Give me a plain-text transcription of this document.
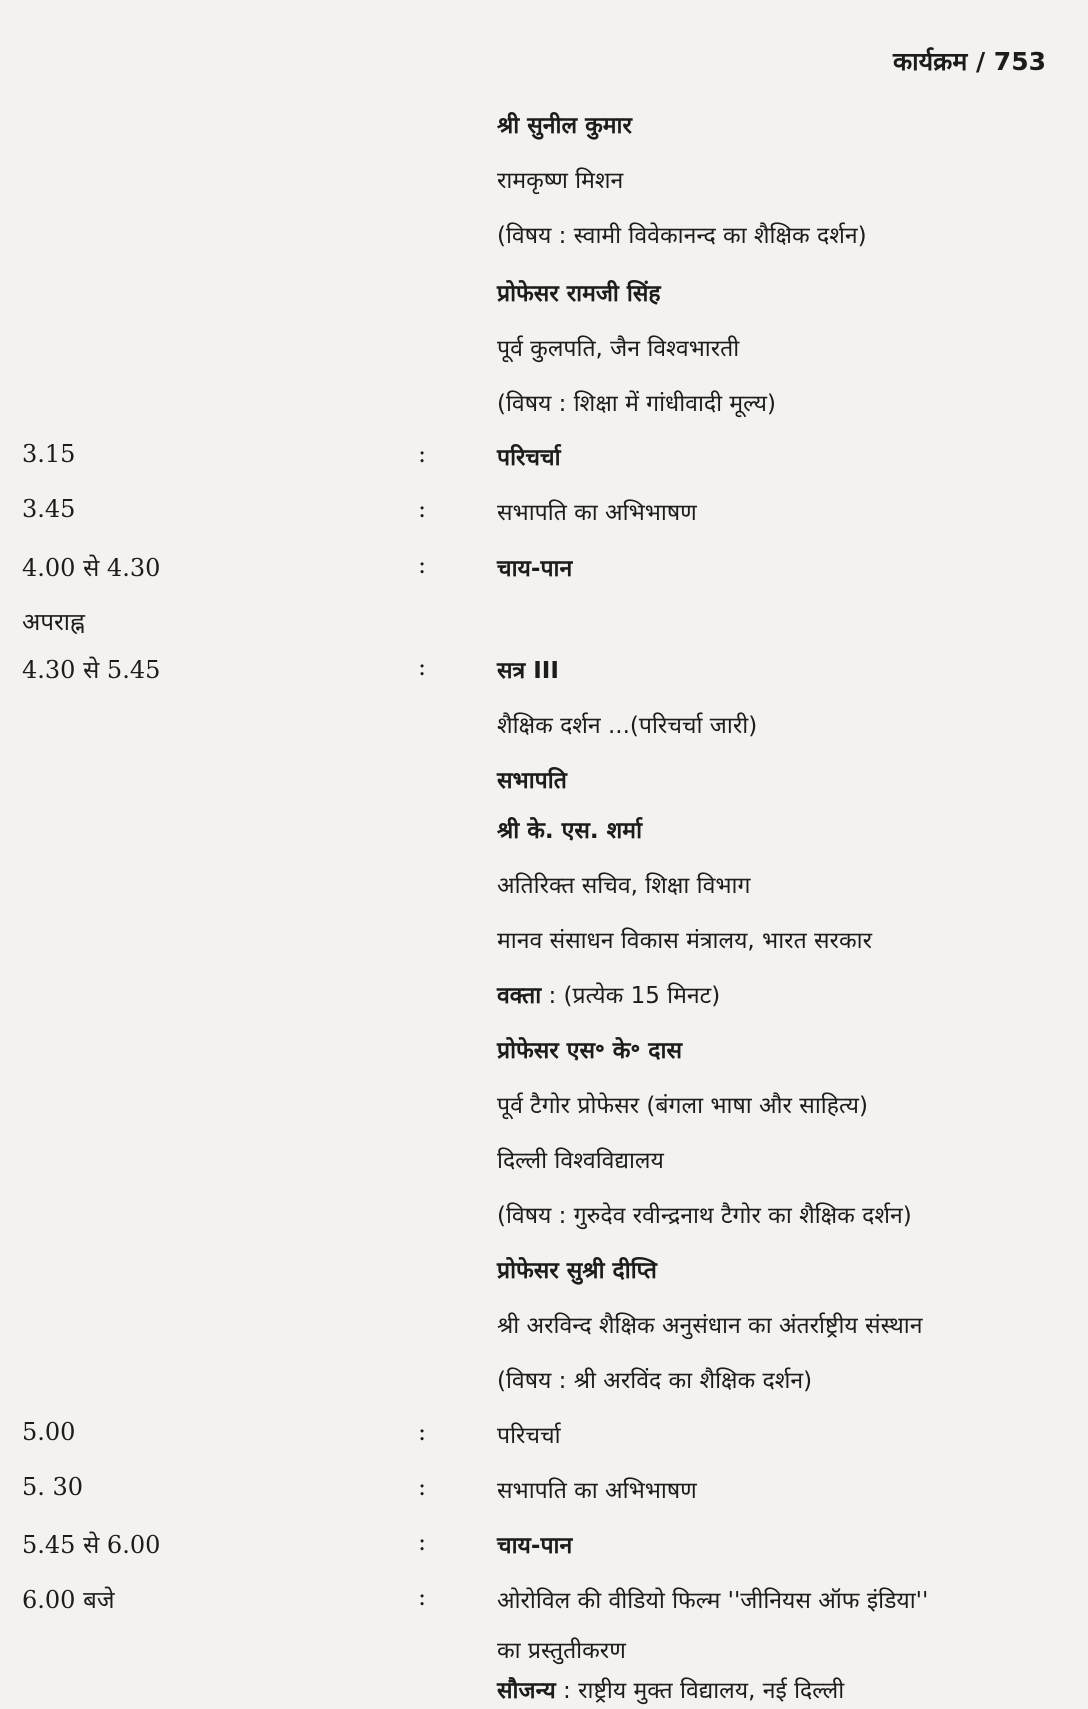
कार्यक्रम / 753
श्री सुनील कुमार
रामकृष्ण मिशन
(विषय : स्वामी विवेकानन्द का शैक्षिक दर्शन)
प्रोफेसर रामजी सिंह
पूर्व कुलपति, जैन विश्वभारती
(विषय : शिक्षा में गांधीवादी मूल्य)
3.15	:	परिचर्चा
3.45	:	सभापति का अभिभाषण
4.00 से 4.30	:	चाय-पान
अपराह्न
4.30 से 5.45	:	सत्र III
शैक्षिक दर्शन ...(परिचर्चा जारी)
सभापति
श्री के. एस. शर्मा
अतिरिक्त सचिव, शिक्षा विभाग
मानव संसाधन विकास मंत्रालय, भारत सरकार
वक्ता : (प्रत्येक 15 मिनट)
प्रोफेसर एस॰ के॰ दास
पूर्व टैगोर प्रोफेसर (बंगला भाषा और साहित्य)
दिल्ली विश्वविद्यालय
(विषय : गुरुदेव रवीन्द्रनाथ टैगोर का शैक्षिक दर्शन)
प्रोफेसर सुश्री दीप्ति
श्री अरविन्द शैक्षिक अनुसंधान का अंतर्राष्ट्रीय संस्थान
(विषय : श्री अरविंद का शैक्षिक दर्शन)
5.00	:	परिचर्चा
5. 30	:	सभापति का अभिभाषण
5.45 से 6.00	:	चाय-पान
6.00 बजे	:	ओरोविल की वीडियो फिल्म ''जीनियस ऑफ इंडिया''
का प्रस्तुतीकरण
सौजन्य : राष्ट्रीय मुक्त विद्यालय, नई दिल्ली
